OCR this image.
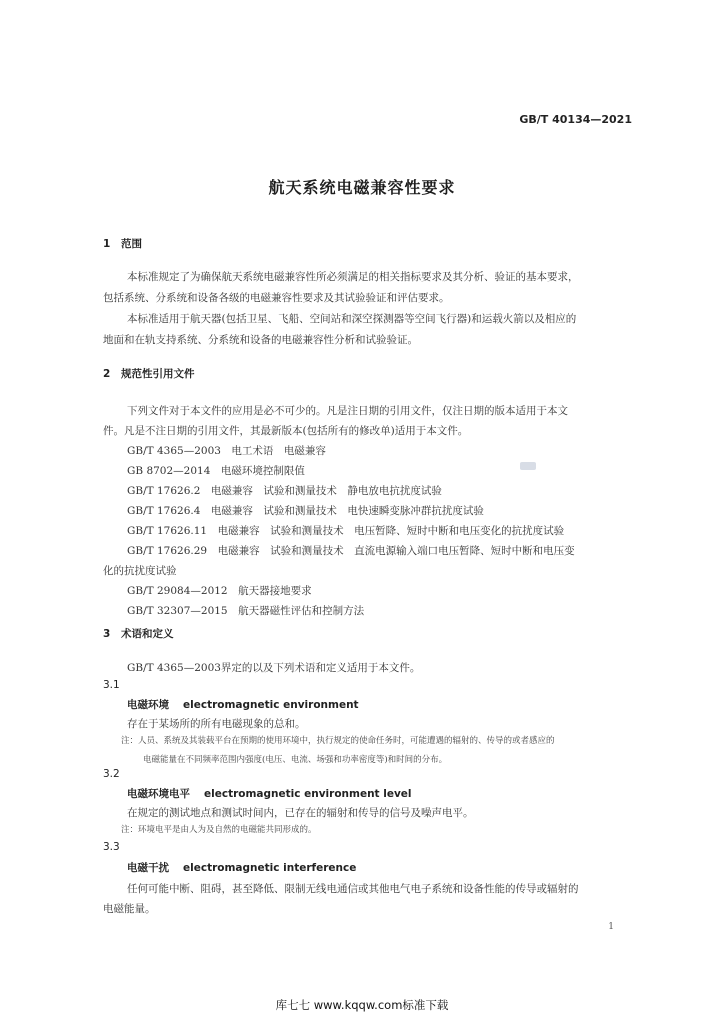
GB/T 40134—2021
航天系统电磁兼容性要求
1 范围
本标准规定了为确保航天系统电磁兼容性所必须满足的相关指标要求及其分析、验证的基本要求，
包括系统、分系统和设备各级的电磁兼容性要求及其试验验证和评估要求。
本标准适用于航天器(包括卫星、飞船、空间站和深空探测器等空间飞行器)和运载火箭以及相应的
地面和在轨支持系统、分系统和设备的电磁兼容性分析和试验验证。
2 规范性引用文件
下列文件对于本文件的应用是必不可少的。凡是注日期的引用文件，仅注日期的版本适用于本文
件。凡是不注日期的引用文件，其最新版本(包括所有的修改单)适用于本文件。
GB/T 4365—2003　电工术语　电磁兼容
GB 8702—2014　电磁环境控制限值
GB/T 17626.2　电磁兼容　试验和测量技术　静电放电抗扰度试验
GB/T 17626.4　电磁兼容　试验和测量技术　电快速瞬变脉冲群抗扰度试验
GB/T 17626.11　电磁兼容　试验和测量技术　电压暂降、短时中断和电压变化的抗扰度试验
GB/T 17626.29　电磁兼容　试验和测量技术　直流电源输入端口电压暂降、短时中断和电压变
化的抗扰度试验
GB/T 29084—2012　航天器接地要求
GB/T 32307—2015　航天器磁性评估和控制方法
3 术语和定义
GB/T 4365—2003界定的以及下列术语和定义适用于本文件。
3.1
电磁环境 electromagnetic environment
存在于某场所的所有电磁现象的总和。
注：人员、系统及其装载平台在预期的使用环境中，执行规定的使命任务时，可能遭遇的辐射的、传导的或者感应的
电磁能量在不同频率范围内强度(电压、电流、场强和功率密度等)和时间的分布。
3.2
电磁环境电平 electromagnetic environment level
在规定的测试地点和测试时间内，已存在的辐射和传导的信号及噪声电平。
注：环境电平是由人为及自然的电磁能共同形成的。
3.3
电磁干扰 electromagnetic interference
任何可能中断、阻碍，甚至降低、限制无线电通信或其他电气电子系统和设备性能的传导或辐射的
电磁能量。
1
库七七 www.kqqw.com标准下载
